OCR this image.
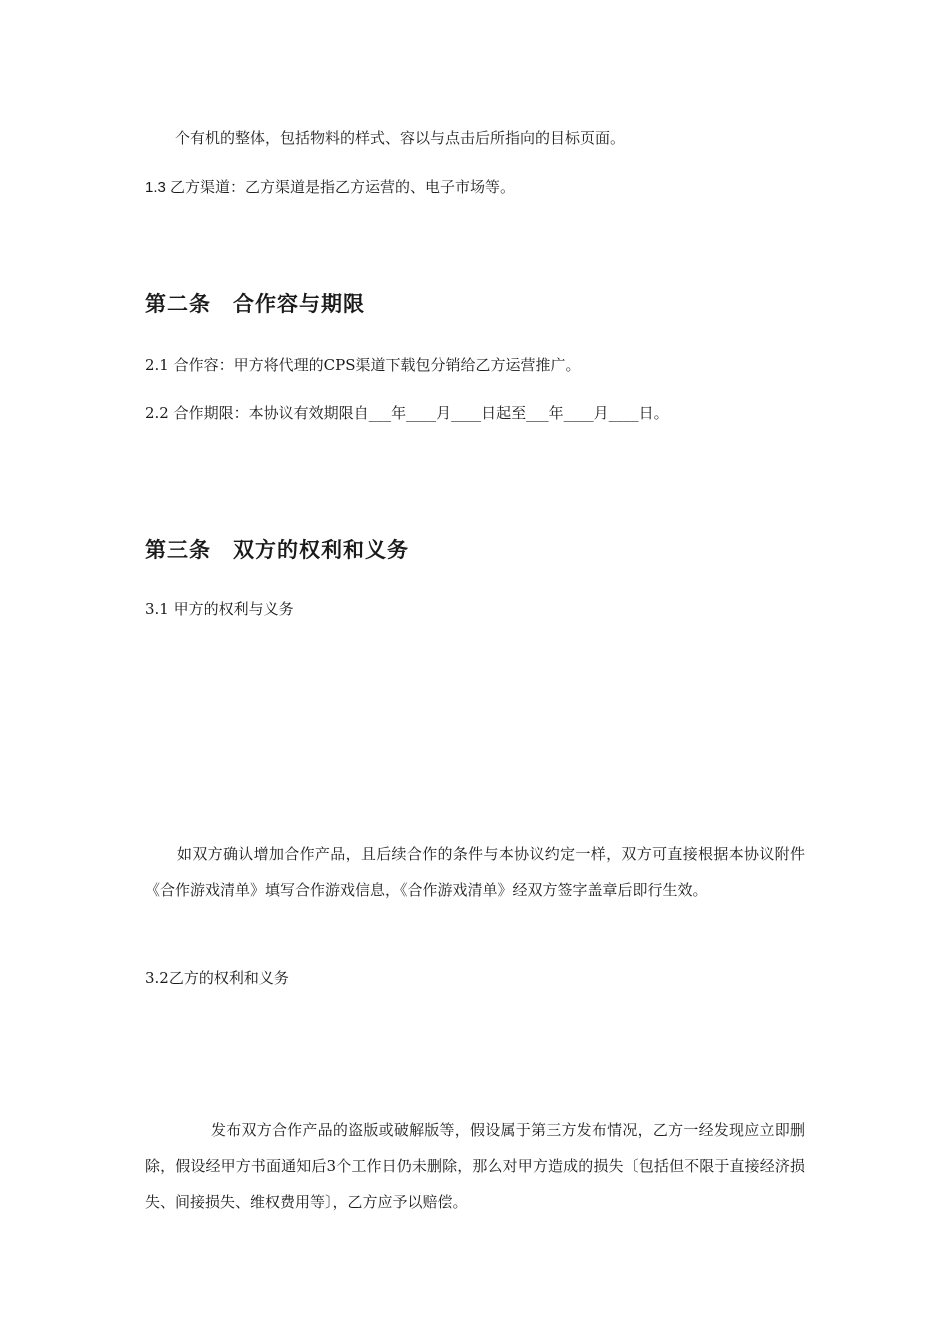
个有机的整体，包括物料的样式、容以与点击后所指向的目标页面。
1.3 乙方渠道：乙方渠道是指乙方运营的、电子市场等。
第二条　合作容与期限
2.1 合作容：甲方将代理的CPS渠道下载包分销给乙方运营推广。
2.2 合作期限：本协议有效期限自___年____月____日起至___年____月____日。
第三条　双方的权利和义务
3.1 甲方的权利与义务
如双方确认增加合作产品，且后续合作的条件与本协议约定一样，双方可直接根据本协议附件《合作游戏清单》填写合作游戏信息，《合作游戏清单》经双方签字盖章后即行生效。
3.2乙方的权利和义务
发布双方合作产品的盗版或破解版等，假设属于第三方发布情况，乙方一经发现应立即删除，假设经甲方书面通知后3个工作日仍未删除，那么对甲方造成的损失〔包括但不限于直接经济损失、间接损失、维权费用等〕，乙方应予以赔偿。
